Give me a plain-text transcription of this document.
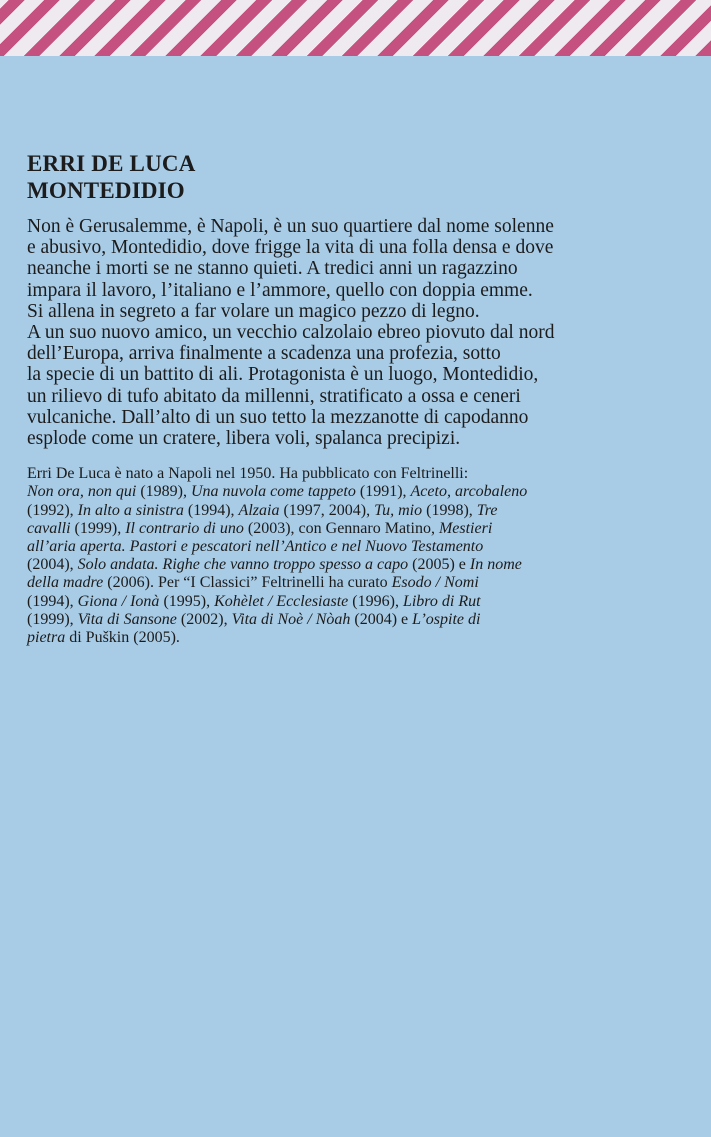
ERRI DE LUCA
MONTEDIDIO
Non è Gerusalemme, è Napoli, è un suo quartiere dal nome solenne
e abusivo, Montedidio, dove frigge la vita di una folla densa e dove
neanche i morti se ne stanno quieti. A tredici anni un ragazzino
impara il lavoro, l’italiano e l’ammore, quello con doppia emme.
Si allena in segreto a far volare un magico pezzo di legno.
A un suo nuovo amico, un vecchio calzolaio ebreo piovuto dal nord
dell’Europa, arriva finalmente a scadenza una profezia, sotto
la specie di un battito di ali. Protagonista è un luogo, Montedidio,
un rilievo di tufo abitato da millenni, stratificato a ossa e ceneri
vulcaniche. Dall’alto di un suo tetto la mezzanotte di capodanno
esplode come un cratere, libera voli, spalanca precipizi.
Erri De Luca è nato a Napoli nel 1950. Ha pubblicato con Feltrinelli:
Non ora, non qui (1989), Una nuvola come tappeto (1991), Aceto, arcobaleno
(1992), In alto a sinistra (1994), Alzaia (1997, 2004), Tu, mio (1998), Tre
cavalli (1999), Il contrario di uno (2003), con Gennaro Matino, Mestieri
all’aria aperta. Pastori e pescatori nell’Antico e nel Nuovo Testamento
(2004), Solo andata. Righe che vanno troppo spesso a capo (2005) e In nome
della madre (2006). Per “I Classici” Feltrinelli ha curato Esodo / Nomi
(1994), Giona / Ionà (1995), Kohèlet / Ecclesiaste (1996), Libro di Rut
(1999), Vita di Sansone (2002), Vita di Noè / Nòah (2004) e L’ospite di
pietra di Puškin (2005).
